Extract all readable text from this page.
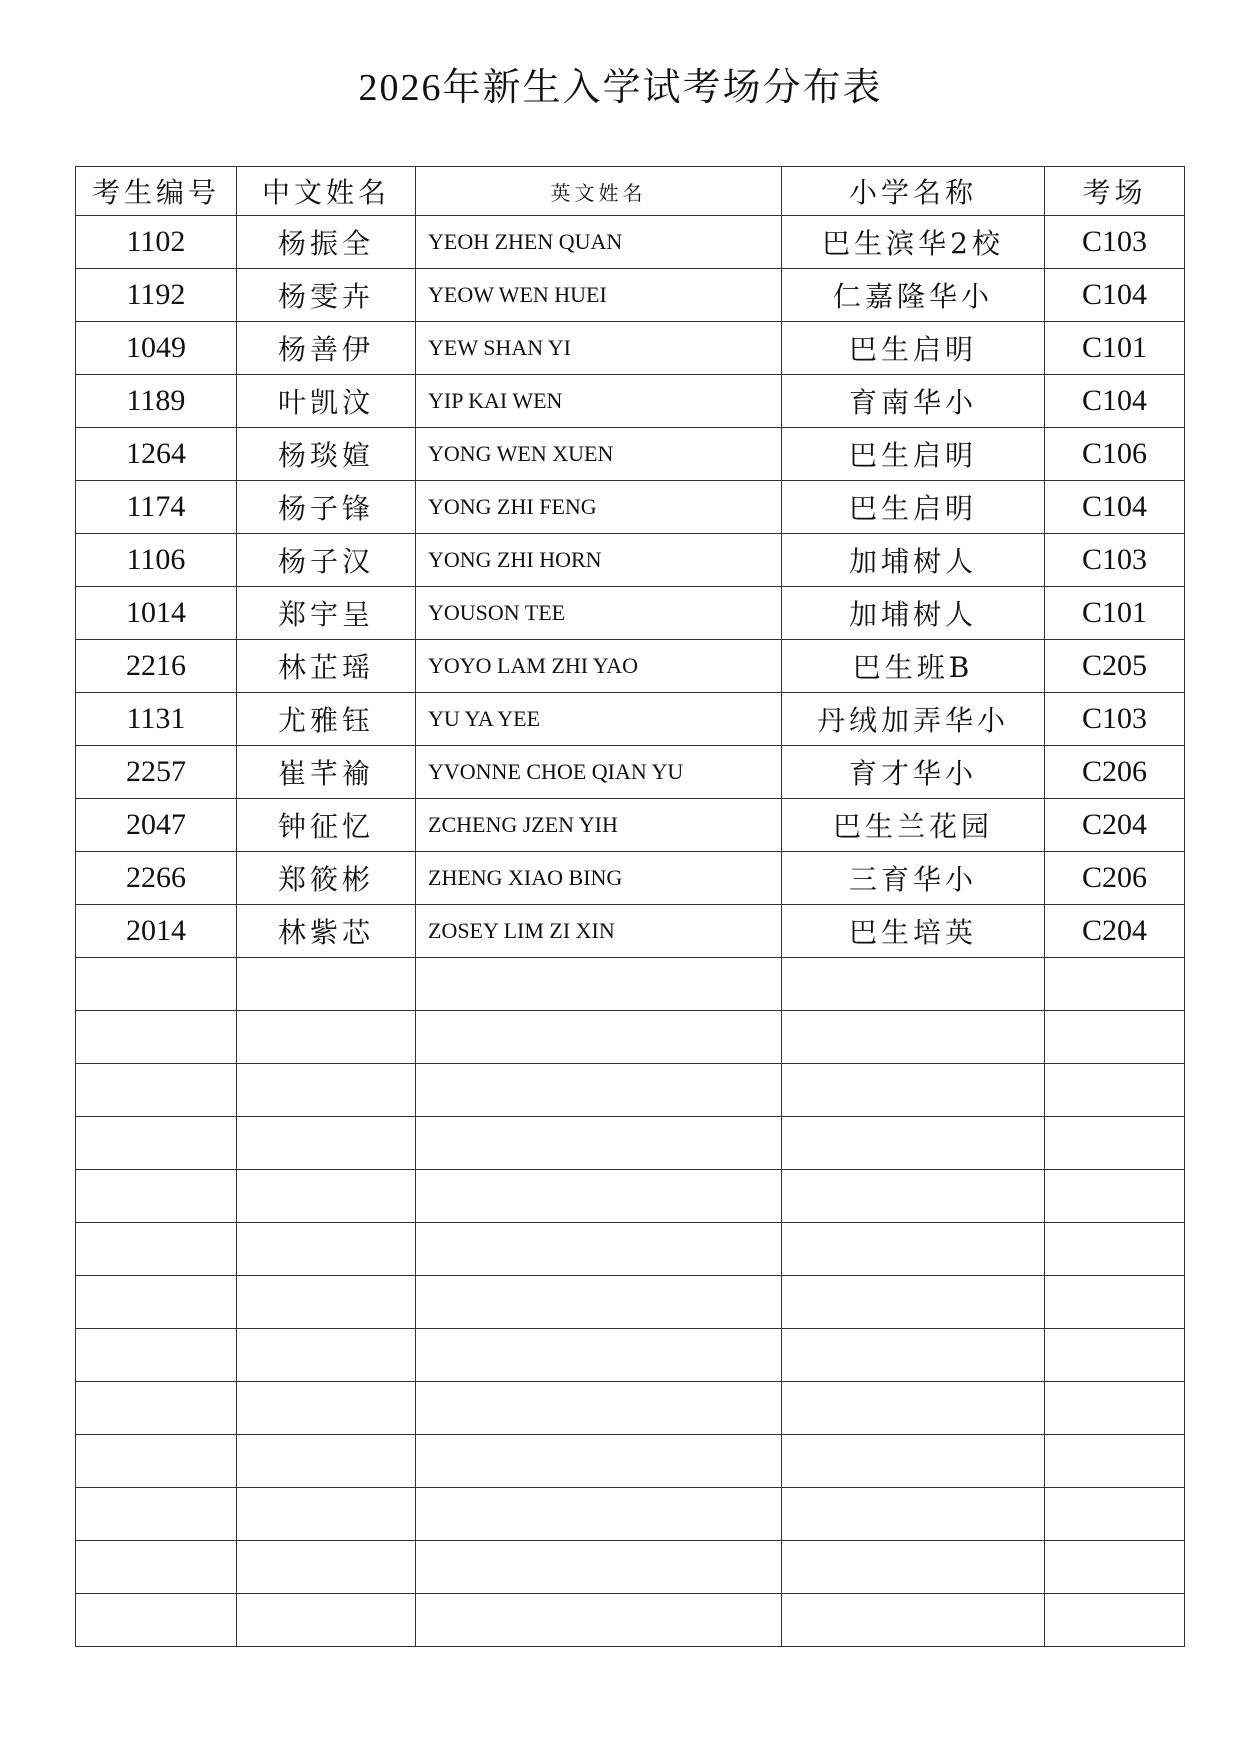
2026年新生入学试考场分布表
考生编号	中文姓名	英文姓名	小学名称	考场
1102	杨振全	YEOH ZHEN QUAN	巴生滨华2校	C103
1192	杨雯卉	YEOW WEN HUEI	仁嘉隆华小	C104
1049	杨善伊	YEW SHAN YI	巴生启明	C101
1189	叶凯汶	YIP KAI WEN	育南华小	C104
1264	杨琰媗	YONG WEN XUEN	巴生启明	C106
1174	杨子锋	YONG ZHI FENG	巴生启明	C104
1106	杨子汉	YONG ZHI HORN	加埔树人	C103
1014	郑宇呈	YOUSON TEE	加埔树人	C101
2216	林芷瑶	YOYO LAM ZHI YAO	巴生班B	C205
1131	尤雅钰	YU YA YEE	丹绒加弄华小	C103
2257	崔芊褕	YVONNE CHOE QIAN YU	育才华小	C206
2047	钟征忆	ZCHENG JZEN YIH	巴生兰花园	C204
2266	郑筱彬	ZHENG XIAO BING	三育华小	C206
2014	林紫芯	ZOSEY LIM ZI XIN	巴生培英	C204
